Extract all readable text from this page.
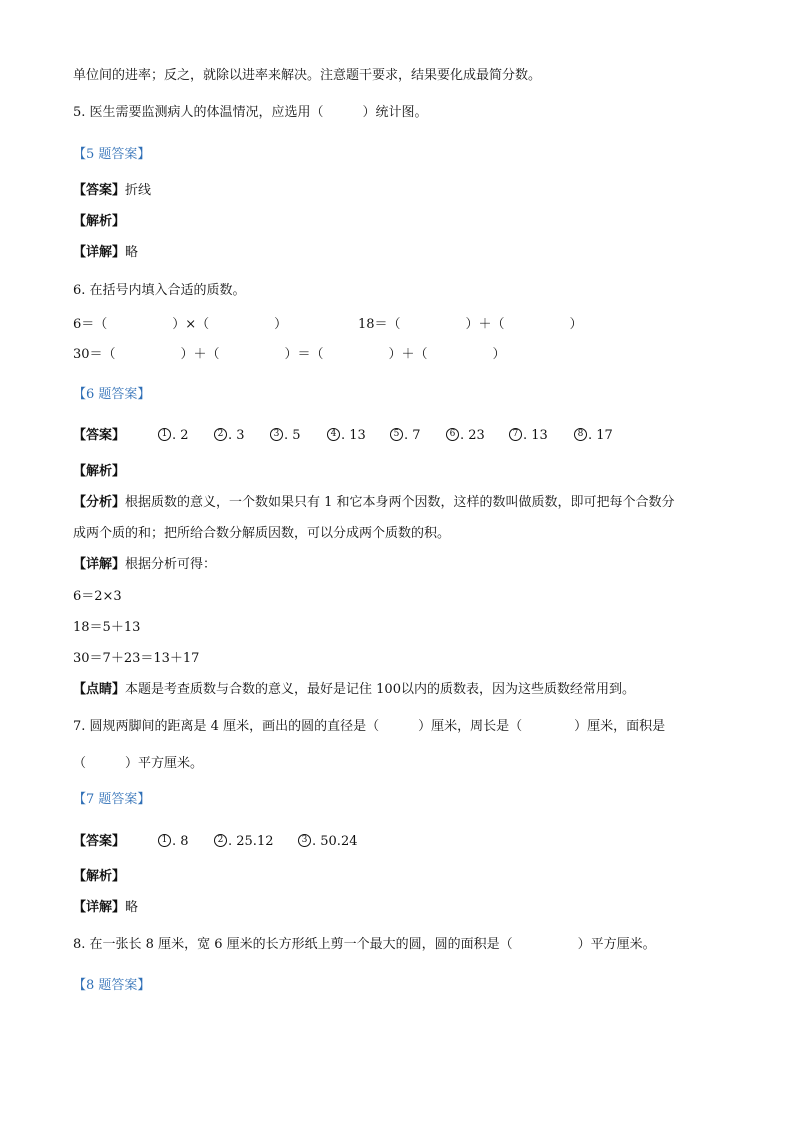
单位间的进率；反之，就除以进率来解决。注意题干要求，结果要化成最简分数。
5. 医生需要监测病人的体温情况，应选用（　　　）统计图。
【5 题答案】
【答案】折线
【解析】
【详解】略
6. 在括号内填入合适的质数。
6＝（　　　　　）×（　　　　　）	18＝（　　　　　）＋（　　　　　）
30＝（　　　　　）＋（　　　　　）＝（　　　　　）＋（　　　　　）
【6 题答案】
【答案】	1 . 2	2 . 3	3 . 5	4 . 13	5 . 7	6 . 23	7 . 13	8 . 17
【解析】
【分析】根据质数的意义，一个数如果只有 1 和它本身两个因数，这样的数叫做质数，即可把每个合数分
成两个质的和；把所给合数分解质因数，可以分成两个质数的积。
【详解】根据分析可得：
6＝2×3
18＝5＋13
30＝7＋23＝13＋17
【点睛】本题是考查质数与合数的意义，最好是记住 100以内的质数表，因为这些质数经常用到。
7. 圆规两脚间的距离是 4 厘米，画出的圆的直径是（　　　）厘米，周长是（　　　　）厘米，面积是
（　　　）平方厘米。
【7 题答案】
【答案】	1 . 8	2 . 25.12	3 . 50.24
【解析】
【详解】略
8. 在一张长 8 厘米，宽 6 厘米的长方形纸上剪一个最大的圆，圆的面积是（　　　　　）平方厘米。
【8 题答案】
